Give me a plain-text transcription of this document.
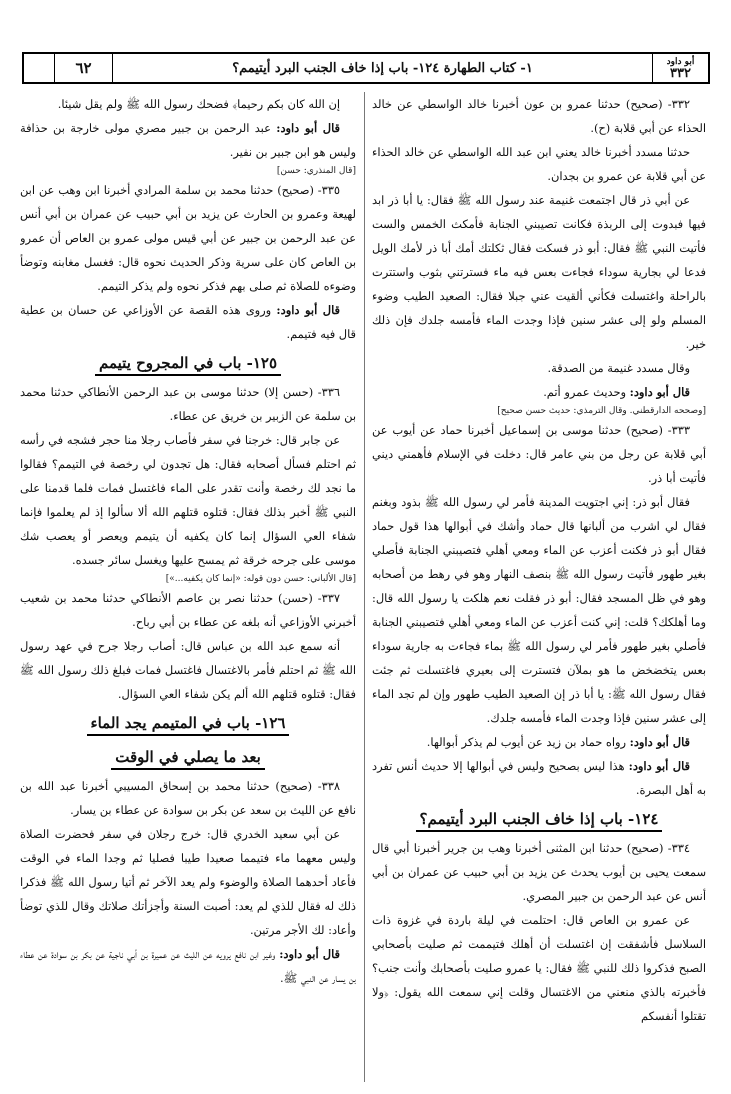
أبو داود
٣٣٢
١- كتاب الطهارة ١٢٤- باب إذا خاف الجنب البرد أيتيمم؟
٦٢

٣٣٢- (صحيح) حدثنا عمرو بن عون أخبرنا خالد الواسطي عن خالد الحذاء عن أبي قلابة (ح).

حدثنا مسدد أخبرنا خالد يعني ابن عبد الله الواسطي عن خالد الحذاء عن أبي قلابة عن عمرو بن بجدان.

عن أبي ذر قال اجتمعت غنيمة عند رسول الله ﷺ فقال: يا أبا ذر ابد فيها فبدوت إلى الربذة فكانت تصيبني الجنابة فأمكث الخمس والست فأتيت النبي ﷺ فقال: أبو ذر فسكت فقال ثكلتك أمك أبا ذر لأمك الويل فدعا لي بجارية سوداء فجاءت بعس فيه ماء فسترتني بثوب واستترت بالراحلة واغتسلت فكأني ألقيت عني جبلا فقال: الصعيد الطيب وضوء المسلم ولو إلى عشر سنين فإذا وجدت الماء فأمسه جلدك فإن ذلك خير.

وقال مسدد غنيمة من الصدقة.

قال أبو داود: وحديث عمرو أتم.

[وصححه الدارقطني. وقال الترمذي: حديث حسن صحيح]

٣٣٣- (صحيح) حدثنا موسى بن إسماعيل أخبرنا حماد عن أيوب عن أبي قلابة عن رجل من بني عامر قال: دخلت في الإسلام فأهمني ديني فأتيت أبا ذر.

فقال أبو ذر: إني اجتويت المدينة فأمر لي رسول الله ﷺ بذود وبغنم فقال لي اشرب من ألبانها قال حماد وأشك في أبوالها هذا قول حماد فقال أبو ذر فكنت أعزب عن الماء ومعي أهلي فتصيبني الجنابة فأصلي بغير طهور فأتيت رسول الله ﷺ بنصف النهار وهو في رهط من أصحابه وهو في ظل المسجد فقال: أبو ذر فقلت نعم هلكت يا رسول الله قال: وما أهلكك؟ قلت: إني كنت أعزب عن الماء ومعي أهلي فتصيبني الجنابة فأصلي بغير طهور فأمر لي رسول الله ﷺ بماء فجاءت به جارية سوداء بعس يتخضخض ما هو بملآن فتسترت إلى بعيري فاغتسلت ثم جئت فقال رسول الله ﷺ: يا أبا ذر إن الصعيد الطيب طهور وإن لم تجد الماء إلى عشر سنين فإذا وجدت الماء فأمسه جلدك.

قال أبو داود: رواه حماد بن زيد عن أيوب لم يذكر أبوالها.

قال أبو داود: هذا ليس بصحيح وليس في أبوالها إلا حديث أنس تفرد به أهل البصرة.

١٢٤- باب إذا خاف الجنب البرد أيتيمم؟

٣٣٤- (صحيح) حدثنا ابن المثنى أخبرنا وهب بن جرير أخبرنا أبي قال سمعت يحيى بن أيوب يحدث عن يزيد بن أبي حبيب عن عمران بن أبي أنس عن عبد الرحمن بن جبير المصري.

عن عمرو بن العاص قال: احتلمت في ليلة باردة في غزوة ذات السلاسل فأشفقت إن اغتسلت أن أهلك فتيممت ثم صليت بأصحابي الصبح فذكروا ذلك للنبي ﷺ فقال: يا عمرو صليت بأصحابك وأنت جنب؟ فأخبرته بالذي منعني من الاغتسال وقلت إني سمعت الله يقول: ﴿ولا تقتلوا أنفسكم

إن الله كان بكم رحيما﴾ فضحك رسول الله ﷺ ولم يقل شيئا.

قال أبو داود: عبد الرحمن بن جبير مصري مولى خارجة بن حذافة وليس هو ابن جبير بن نفير.

[قال المنذري: حسن]

٣٣٥- (صحيح) حدثنا محمد بن سلمة المرادي أخبرنا ابن وهب عن ابن لهيعة وعمرو بن الحارث عن يزيد بن أبي حبيب عن عمران بن أبي أنس عن عبد الرحمن بن جبير عن أبي قيس مولى عمرو بن العاص أن عمرو بن العاص كان على سرية وذكر الحديث نحوه قال: فغسل مغابنه وتوضأ وضوءه للصلاة ثم صلى بهم فذكر نحوه ولم يذكر التيمم.

قال أبو داود: وروى هذه القصة عن الأوزاعي عن حسان بن عطية قال فيه فتيمم.

١٢٥- باب في المجروح يتيمم

٣٣٦- (حسن إلا) حدثنا موسى بن عبد الرحمن الأنطاكي حدثنا محمد بن سلمة عن الزبير بن خريق عن عطاء.

عن جابر قال: خرجنا في سفر فأصاب رجلا منا حجر فشجه في رأسه ثم احتلم فسأل أصحابه فقال: هل تجدون لي رخصة في التيمم؟ فقالوا ما نجد لك رخصة وأنت تقدر على الماء فاغتسل فمات فلما قدمنا على النبي ﷺ أخبر بذلك فقال: قتلوه قتلهم الله ألا سألوا إذ لم يعلموا فإنما شفاء العي السؤال إنما كان يكفيه أن يتيمم ويعصر أو يعصب شك موسى على جرحه خرقة ثم يمسح عليها ويغسل سائر جسده.

[قال الألباني: حسن دون قوله: «إنما كان يكفيه...»]

٣٣٧- (حسن) حدثنا نصر بن عاصم الأنطاكي حدثنا محمد بن شعيب أخبرني الأوزاعي أنه بلغه عن عطاء بن أبي رباح.

أنه سمع عبد الله بن عباس قال: أصاب رجلا جرح في عهد رسول الله ﷺ ثم احتلم فأمر بالاغتسال فاغتسل فمات فبلغ ذلك رسول الله ﷺ فقال: قتلوه قتلهم الله ألم يكن شفاء العي السؤال.

١٢٦- باب في المتيمم يجد الماء
بعد ما يصلي في الوقت

٣٣٨- (صحيح) حدثنا محمد بن إسحاق المسيبي أخبرنا عبد الله بن نافع عن الليث بن سعد عن بكر بن سوادة عن عطاء بن يسار.

عن أبي سعيد الخدري قال: خرج رجلان في سفر فحضرت الصلاة وليس معهما ماء فتيمما صعيدا طيبا فصليا ثم وجدا الماء في الوقت فأعاد أحدهما الصلاة والوضوء ولم يعد الآخر ثم أتيا رسول الله ﷺ فذكرا ذلك له فقال للذي لم يعد: أصبت السنة وأجزأتك صلاتك وقال للذي توضأ وأعاد: لك الأجر مرتين.

قال أبو داود: وغير ابن نافع يرويه عن الليث عن عميرة بن أبي ناجية عن بكر بن سوادة عن عطاء بن يسار عن النبي ﷺ.
